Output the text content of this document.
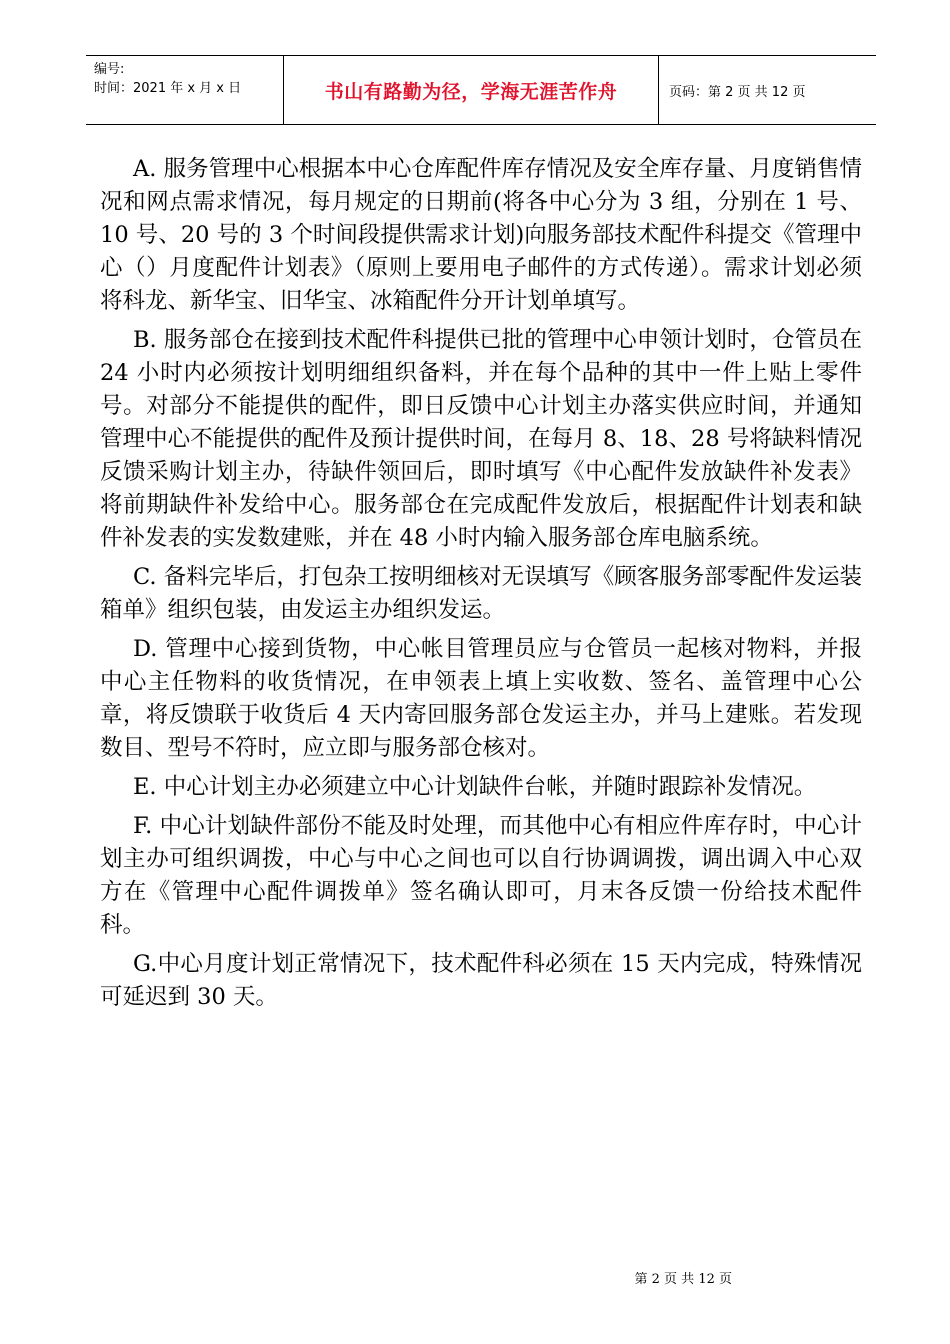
编号:
时间：2021 年 x 月 x 日	书山有路勤为径，学海无涯苦作舟	页码：第 2 页 共 12 页

A. 服务管理中心根据本中心仓库配件库存情况及安全库存量、月度销售情况和网点需求情况，每月规定的日期前(将各中心分为 3 组，分别在 1 号、10 号、20 号的 3 个时间段提供需求计划)向服务部技术配件科提交《管理中心（）月度配件计划表》（原则上要用电子邮件的方式传递）。需求计划必须将科龙、新华宝、旧华宝、冰箱配件分开计划单填写。

B. 服务部仓在接到技术配件科提供已批的管理中心申领计划时，仓管员在 24 小时内必须按计划明细组织备料，并在每个品种的其中一件上贴上零件号。对部分不能提供的配件，即日反馈中心计划主办落实供应时间，并通知管理中心不能提供的配件及预计提供时间，在每月 8、18、28 号将缺料情况反馈采购计划主办，待缺件领回后，即时填写《中心配件发放缺件补发表》将前期缺件补发给中心。服务部仓在完成配件发放后，根据配件计划表和缺件补发表的实发数建账，并在 48 小时内输入服务部仓库电脑系统。

C. 备料完毕后，打包杂工按明细核对无误填写《顾客服务部零配件发运装箱单》组织包装，由发运主办组织发运。

D. 管理中心接到货物，中心帐目管理员应与仓管员一起核对物料，并报中心主任物料的收货情况，在申领表上填上实收数、签名、盖管理中心公章，将反馈联于收货后 4 天内寄回服务部仓发运主办，并马上建账。若发现数目、型号不符时，应立即与服务部仓核对。

E. 中心计划主办必须建立中心计划缺件台帐，并随时跟踪补发情况。

F. 中心计划缺件部份不能及时处理，而其他中心有相应件库存时，中心计划主办可组织调拨，中心与中心之间也可以自行协调调拨，调出调入中心双方在《管理中心配件调拨单》签名确认即可，月末各反馈一份给技术配件科。

G.中心月度计划正常情况下，技术配件科必须在 15 天内完成，特殊情况可延迟到 30 天。

第 2 页 共 12 页
